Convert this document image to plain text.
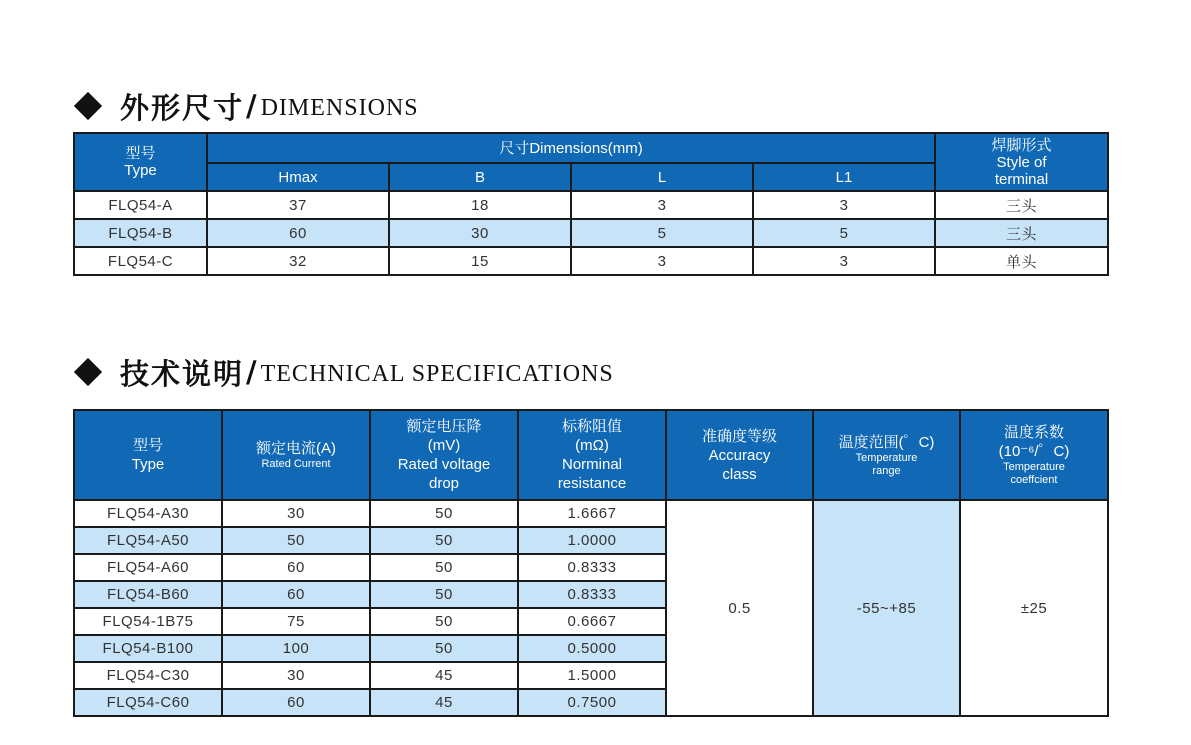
外形尺寸 / DIMENSIONS
型号
Type	尺寸Dimensions(mm)				焊脚形式
Style of
terminal

	Hmax	B	L	L1	
FLQ54-A	37	18	3	3	三头
FLQ54-B	60	30	5	5	三头
FLQ54-C	32	15	3	3	单头
技术说明 / TECHNICAL SPECIFICATIONS
型号
Type	额定电流(A)
Rated Current	额定电压降
(mV)
Rated voltage
drop	标称阻值
(mΩ)
Norminal
resistance	准确度等级
Accuracy
class	温度范围(゜C)
Temperature
range	温度系数
(10⁻⁶/゜C)
Temperature
coeffcient

FLQ54-A30	30	50	1.6667	0.5	-55~+85	±25
FLQ54-A50	50	50	1.0000			
FLQ54-A60	60	50	0.8333			
FLQ54-B60	60	50	0.8333			
FLQ54-1B75	75	50	0.6667			
FLQ54-B100	100	50	0.5000			
FLQ54-C30	30	45	1.5000			
FLQ54-C60	60	45	0.7500			
